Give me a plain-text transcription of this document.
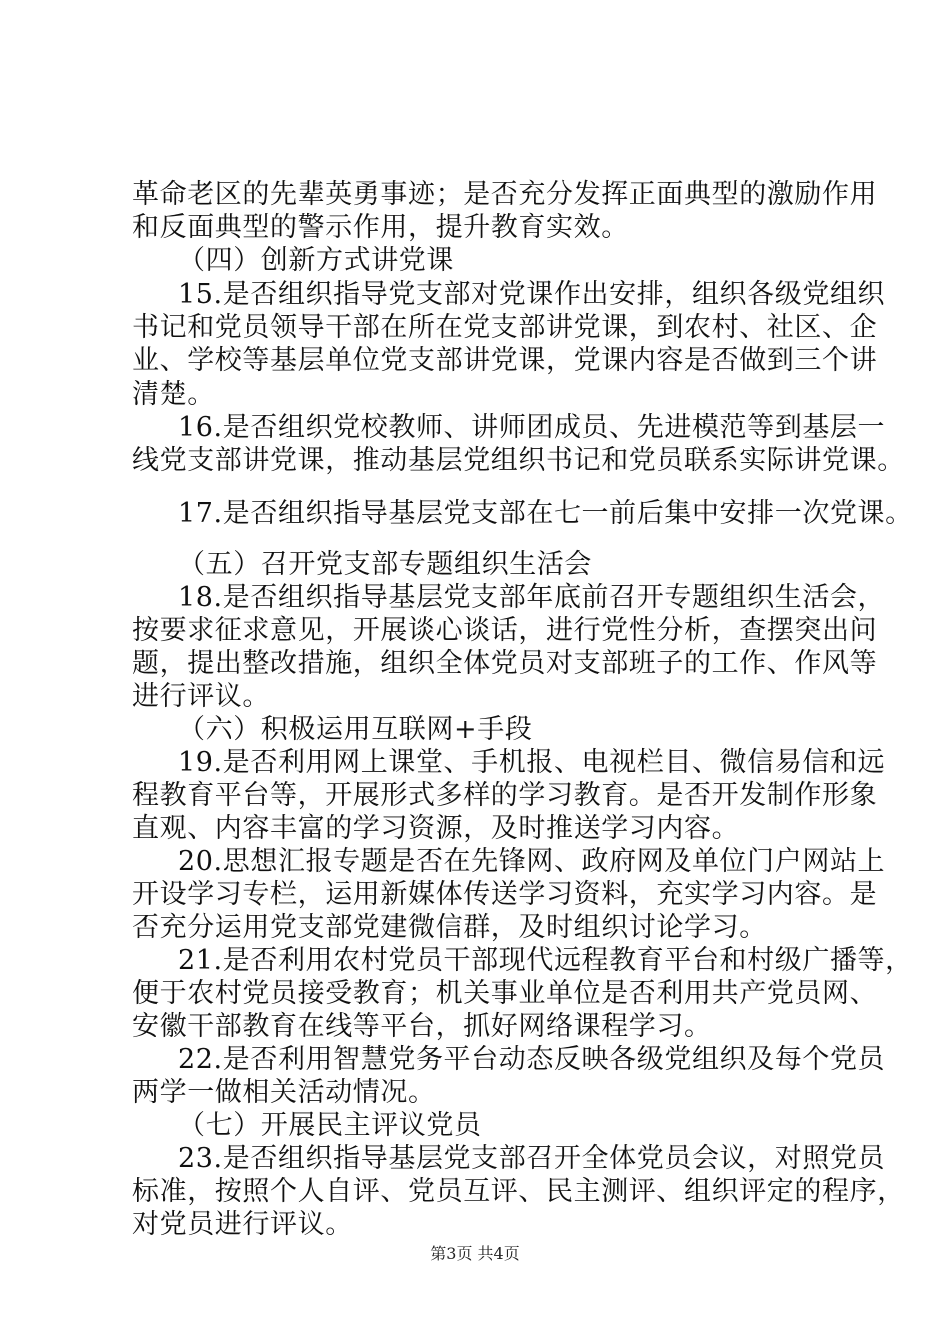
革命老区的先辈英勇事迹；是否充分发挥正面典型的激励作用
和反面典型的警示作用，提升教育实效。
（四）创新方式讲党课
15.是否组织指导党支部对党课作出安排，组织各级党组织
书记和党员领导干部在所在党支部讲党课，到农村、社区、企
业、学校等基层单位党支部讲党课，党课内容是否做到三个讲
清楚。
16.是否组织党校教师、讲师团成员、先进模范等到基层一
线党支部讲党课，推动基层党组织书记和党员联系实际讲党课。
17.是否组织指导基层党支部在七一前后集中安排一次党课。
（五）召开党支部专题组织生活会
18.是否组织指导基层党支部年底前召开专题组织生活会，
按要求征求意见，开展谈心谈话，进行党性分析，查摆突出问
题，提出整改措施，组织全体党员对支部班子的工作、作风等
进行评议。
（六）积极运用互联网+手段
19.是否利用网上课堂、手机报、电视栏目、微信易信和远
程教育平台等，开展形式多样的学习教育。是否开发制作形象
直观、内容丰富的学习资源，及时推送学习内容。
20.思想汇报专题是否在先锋网、政府网及单位门户网站上
开设学习专栏，运用新媒体传送学习资料，充实学习内容。是
否充分运用党支部党建微信群，及时组织讨论学习。
21.是否利用农村党员干部现代远程教育平台和村级广播等，
便于农村党员接受教育；机关事业单位是否利用共产党员网、
安徽干部教育在线等平台，抓好网络课程学习。
22.是否利用智慧党务平台动态反映各级党组织及每个党员
两学一做相关活动情况。
（七）开展民主评议党员
23.是否组织指导基层党支部召开全体党员会议，对照党员
标准，按照个人自评、党员互评、民主测评、组织评定的程序，
对党员进行评议。
第3页 共4页
